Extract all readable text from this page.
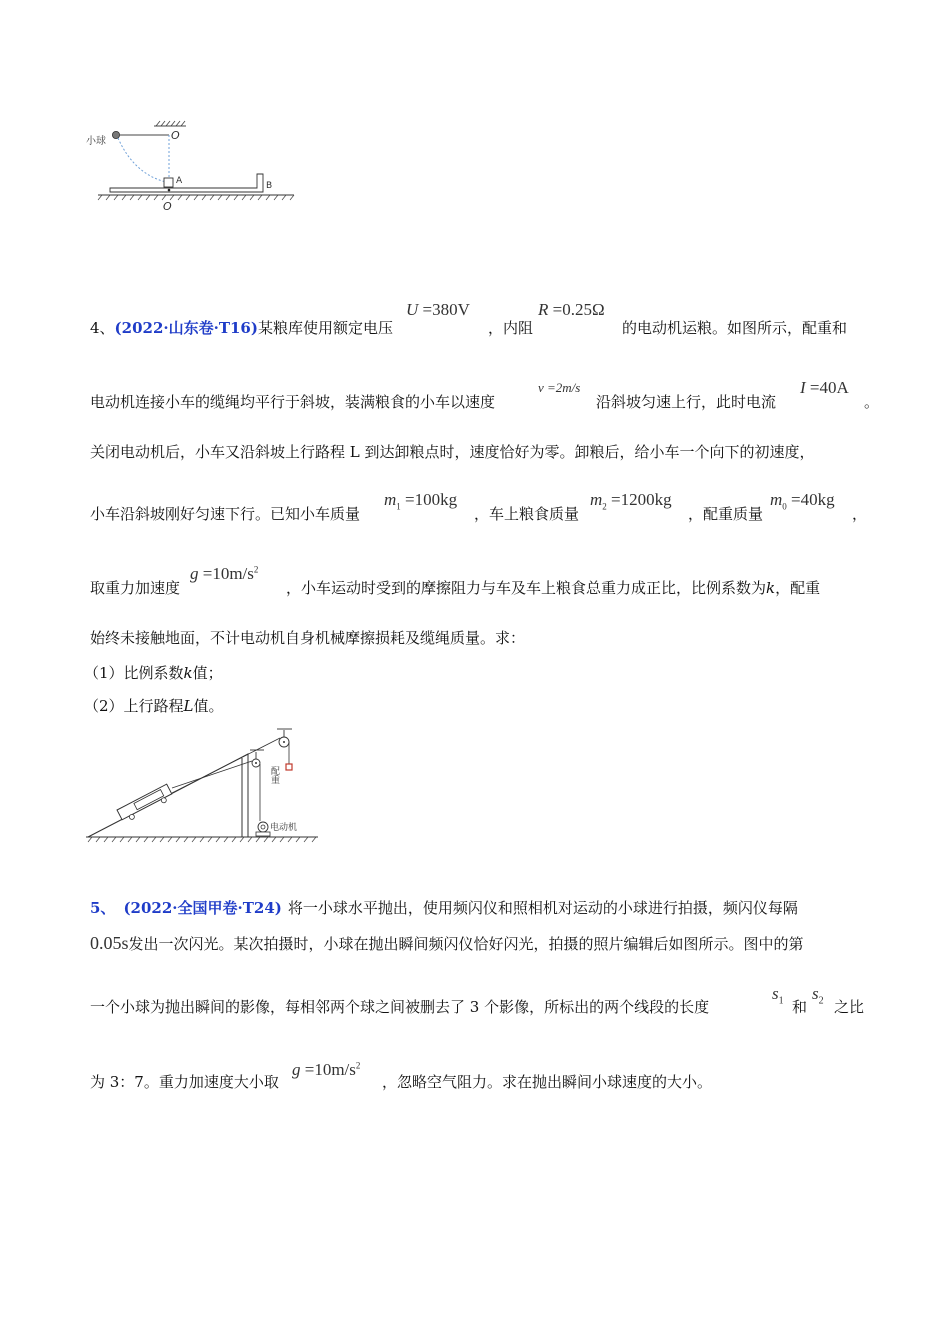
小球	O
A	B
O
4、(2022·山东卷·T16)某粮库使用额定电压
U =380V
，内阻
R =0.25Ω
的电动机运粮。如图所示，配重和
电动机连接小车的缆绳均平行于斜坡，装满粮食的小车以速度
v =2m/s
沿斜坡匀速上行，此时电流
I =40A
。
关闭电动机后，小车又沿斜坡上行路程 L 到达卸粮点时，速度恰好为零。卸粮后，给小车一个向下的初速度，
小车沿斜坡刚好匀速下行。已知小车质量
$m_1 =100kg$
，车上粮食质量
$m_2 =1200kg$
，配重质量
$m_0 =40kg$
，
取重力加速度
$g =10m/s^2$
，小车运动时受到的摩擦阻力与车及车上粮食总重力成正比，比例系数为k，配重
始终未接触地面，不计电动机自身机械摩擦损耗及缆绳质量。求：
（1）比例系数k值；
（2）上行路程L值。
配重
电动机
5、 (2022·全国甲卷·T24) 将一小球水平抛出，使用频闪仪和照相机对运动的小球进行拍摄，频闪仪每隔
0.05s发出一次闪光。某次拍摄时，小球在抛出瞬间频闪仪恰好闪光，拍摄的照片编辑后如图所示。图中的第
一个小球为抛出瞬间的影像，每相邻两个球之间被删去了 3 个影像，所标出的两个线段的长度
$s_1$ 和
$s_2$ 之比
为 3：7。重力加速度大小取
$g =10m/s^2$
，忽略空气阻力。求在抛出瞬间小球速度的大小。
